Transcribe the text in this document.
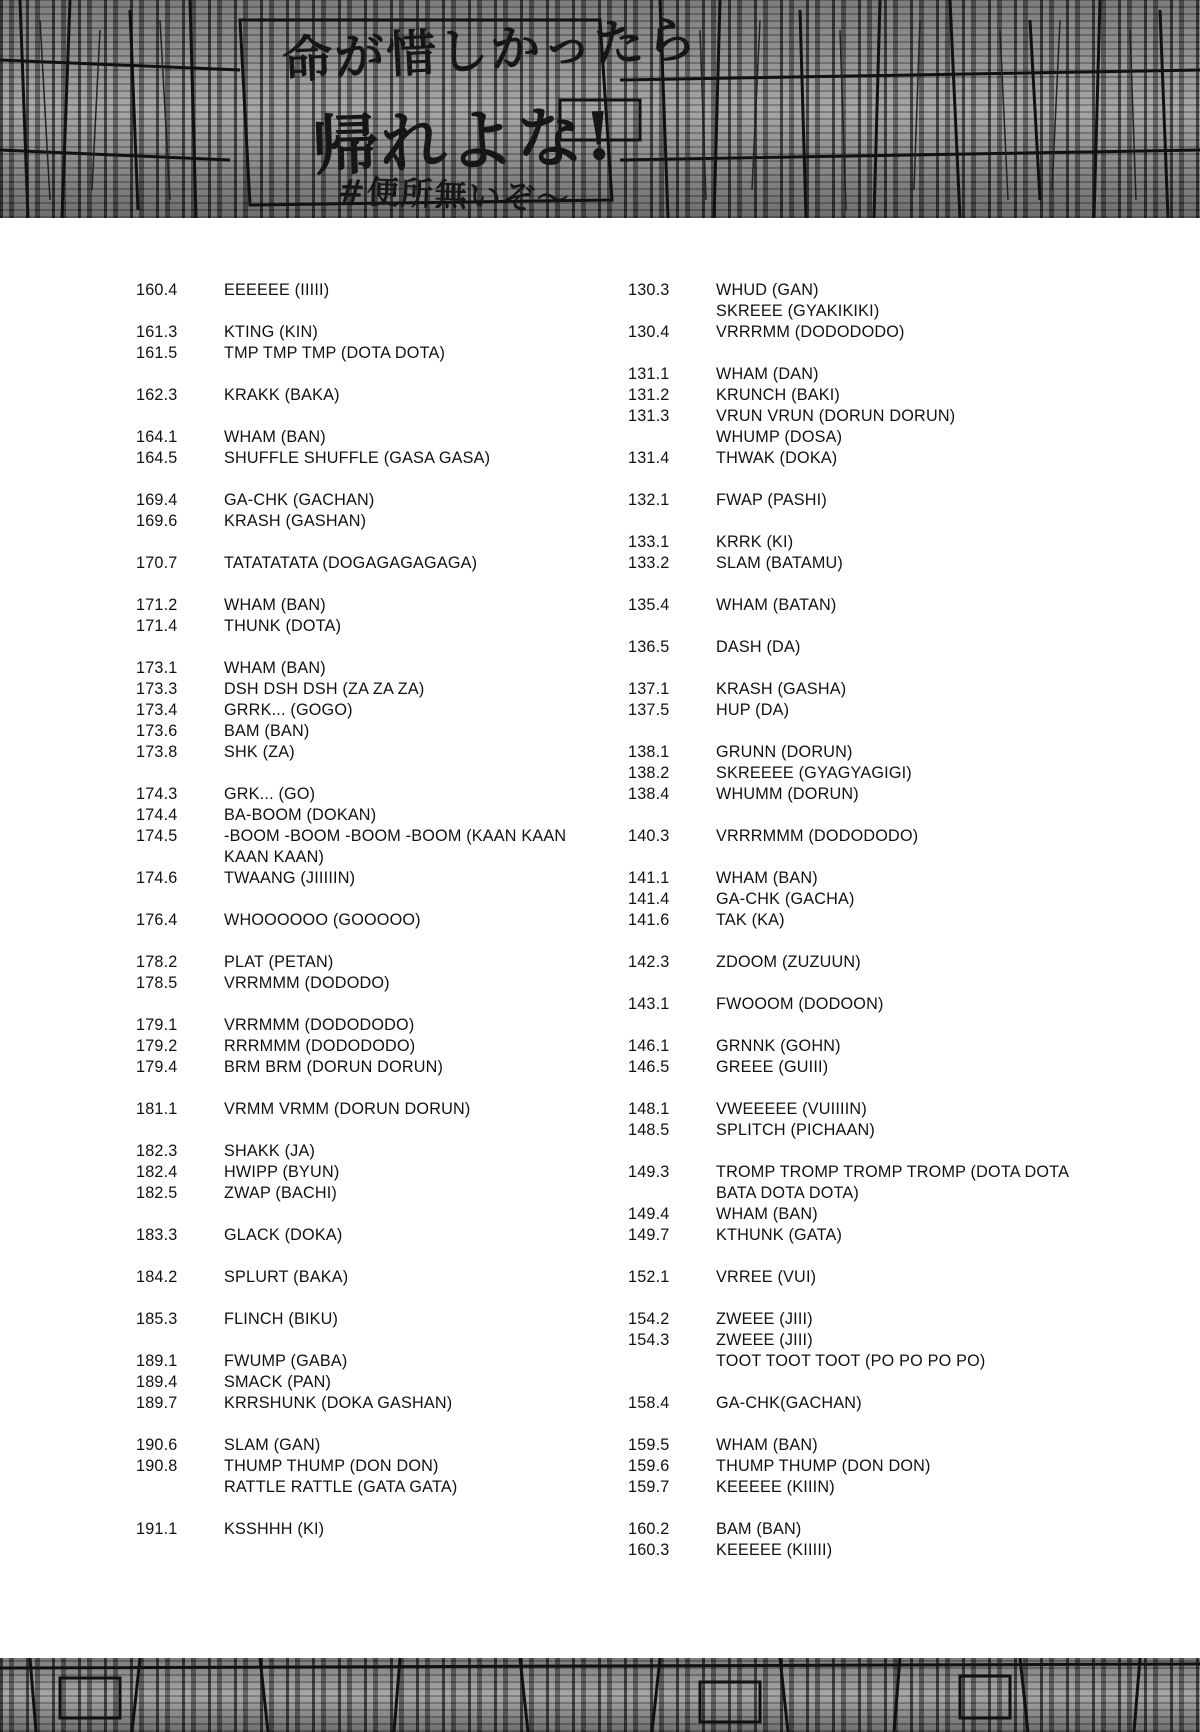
命が惜しかったら
帰れよな!
#便所無いぞ〜
160.4	EEEEEE (IIIII)
161.3	KTING (KIN)
161.5	TMP TMP TMP (DOTA DOTA)
162.3	KRAKK (BAKA)
164.1	WHAM (BAN)
164.5	SHUFFLE SHUFFLE (GASA GASA)
169.4	GA-CHK (GACHAN)
169.6	KRASH (GASHAN)
170.7	TATATATATA (DOGAGAGAGAGA)
171.2	WHAM (BAN)
171.4	THUNK (DOTA)
173.1	WHAM (BAN)
173.3	DSH DSH DSH (ZA ZA ZA)
173.4	GRRK... (GOGO)
173.6	BAM (BAN)
173.8	SHK (ZA)
174.3	GRK... (GO)
174.4	BA-BOOM (DOKAN)
174.5	-BOOM -BOOM -BOOM -BOOM (KAAN KAAN KAAN KAAN)
174.6	TWAANG (JIIIIIN)
176.4	WHOOOOOO (GOOOOO)
178.2	PLAT (PETAN)
178.5	VRRMMM (DODODO)
179.1	VRRMMM (DODODODO)
179.2	RRRMMM (DODODODO)
179.4	BRM BRM (DORUN DORUN)
181.1	VRMM VRMM (DORUN DORUN)
182.3	SHAKK (JA)
182.4	HWIPP (BYUN)
182.5	ZWAP (BACHI)
183.3	GLACK (DOKA)
184.2	SPLURT (BAKA)
185.3	FLINCH (BIKU)
189.1	FWUMP (GABA)
189.4	SMACK (PAN)
189.7	KRRSHUNK (DOKA GASHAN)
190.6	SLAM (GAN)
190.8	THUMP THUMP (DON DON)
RATTLE RATTLE (GATA GATA)
191.1	KSSHHH (KI)
130.3	WHUD (GAN)
SKREEE (GYAKIKIKI)
130.4	VRRRMM (DODODODO)
131.1	WHAM (DAN)
131.2	KRUNCH (BAKI)
131.3	VRUN VRUN (DORUN DORUN)
WHUMP (DOSA)
131.4	THWAK (DOKA)
132.1	FWAP (PASHI)
133.1	KRRK (KI)
133.2	SLAM (BATAMU)
135.4	WHAM (BATAN)
136.5	DASH (DA)
137.1	KRASH (GASHA)
137.5	HUP (DA)
138.1	GRUNN (DORUN)
138.2	SKREEEE (GYAGYAGIGI)
138.4	WHUMM (DORUN)
140.3	VRRRMMM (DODODODO)
141.1	WHAM (BAN)
141.4	GA-CHK (GACHA)
141.6	TAK (KA)
142.3	ZDOOM (ZUZUUN)
143.1	FWOOOM (DODOON)
146.1	GRNNK (GOHN)
146.5	GREEE (GUIII)
148.1	VWEEEEE (VUIIIIN)
148.5	SPLITCH (PICHAAN)
149.3	TROMP TROMP TROMP TROMP (DOTA DOTA BATA DOTA DOTA)
149.4	WHAM (BAN)
149.7	KTHUNK (GATA)
152.1	VRREE (VUI)
154.2	ZWEEE (JIII)
154.3	ZWEEE (JIII)
TOOT TOOT TOOT (PO PO PO PO)
158.4	GA-CHK(GACHAN)
159.5	WHAM (BAN)
159.6	THUMP THUMP (DON DON)
159.7	KEEEEE (KIIIN)
160.2	BAM (BAN)
160.3	KEEEEE (KIIIII)
